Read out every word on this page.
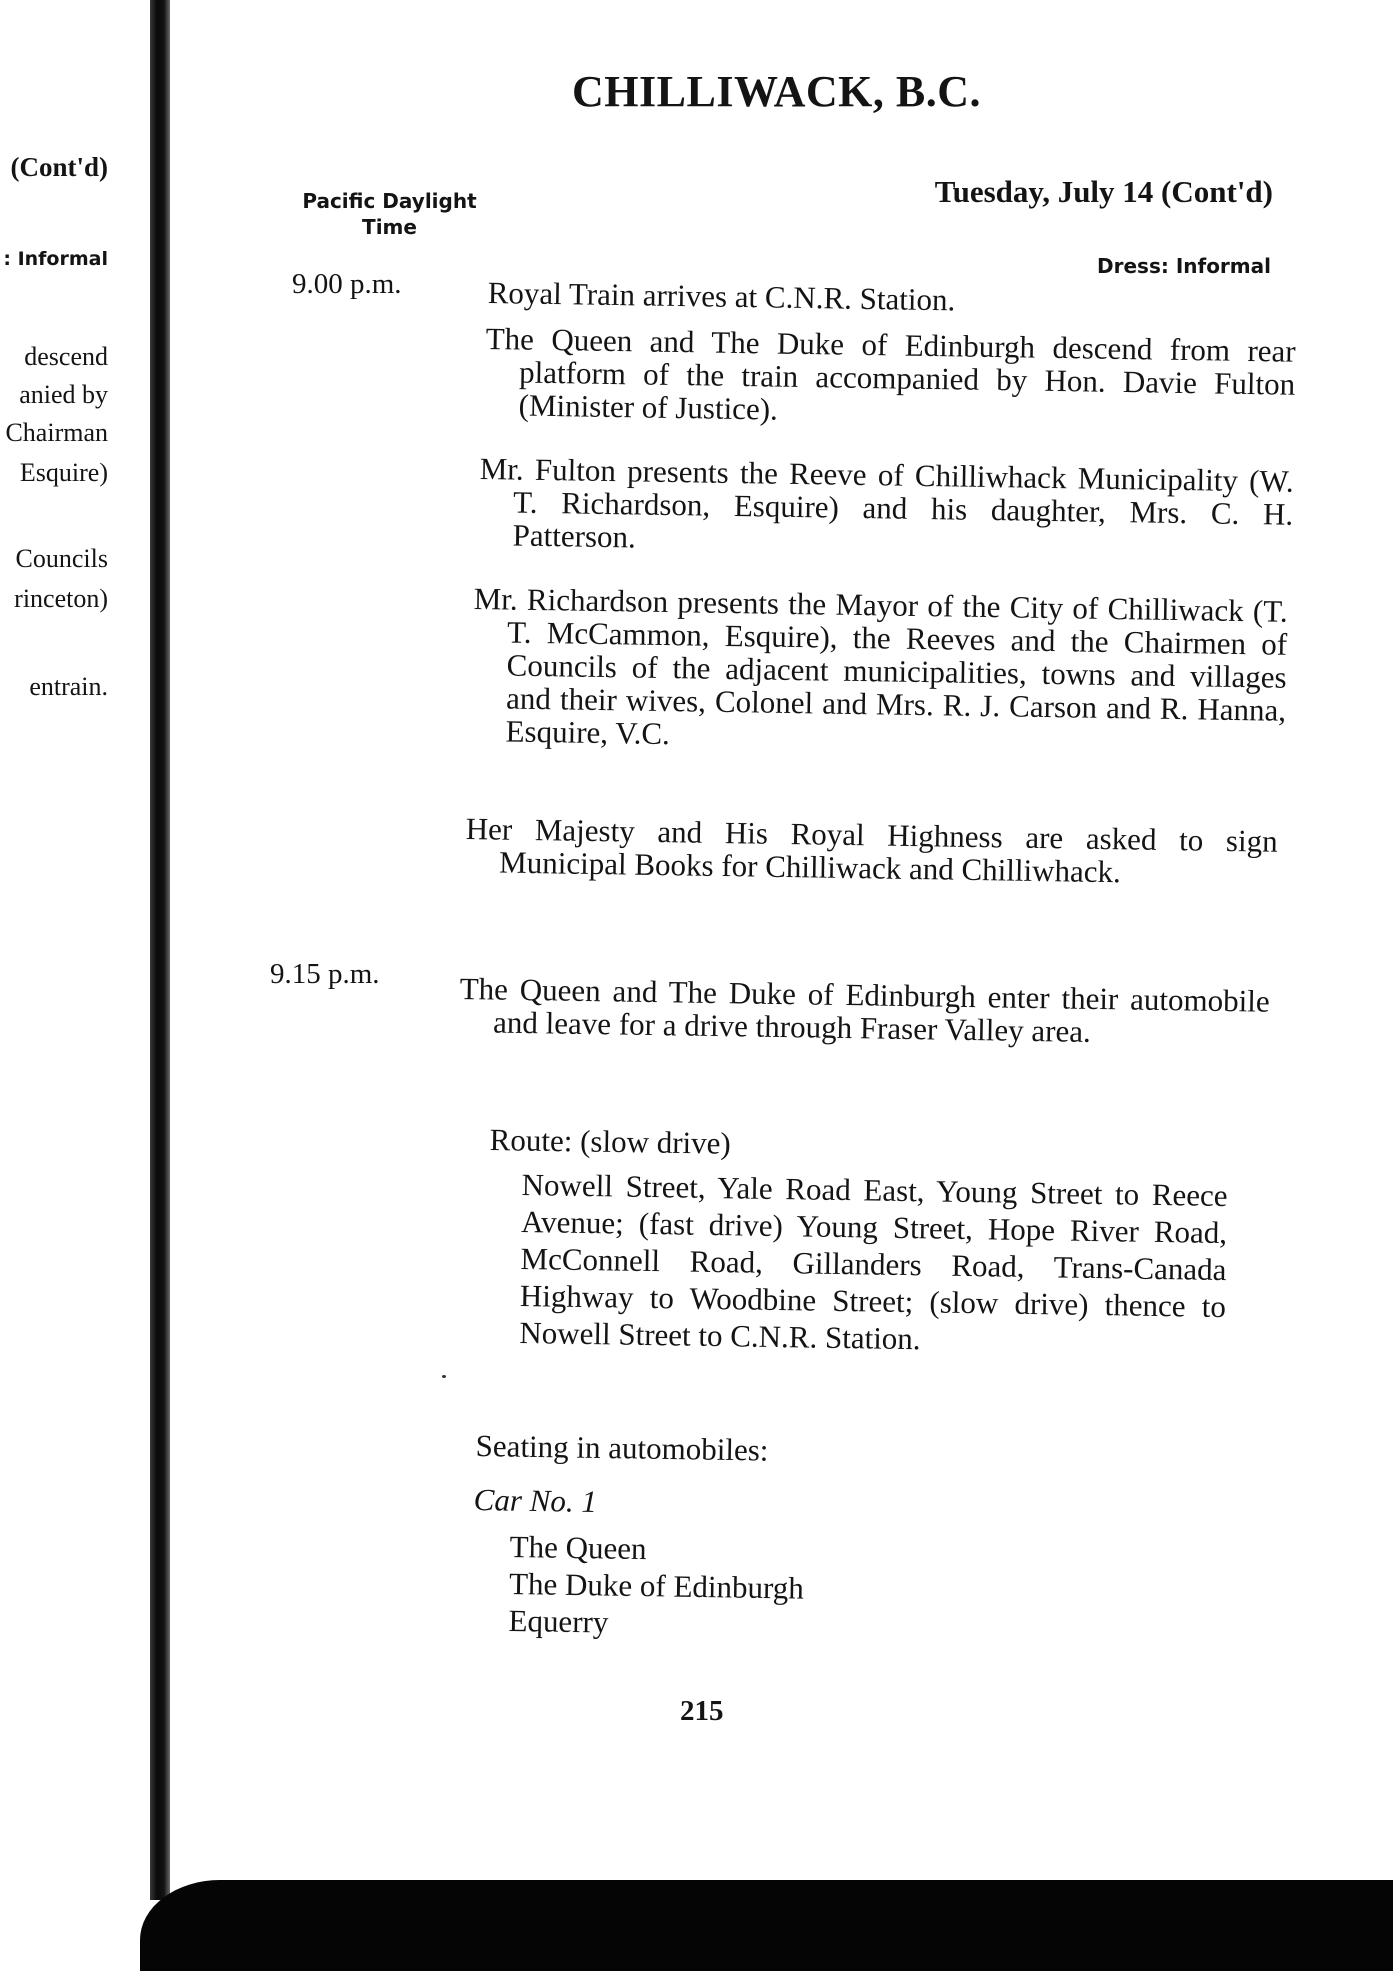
(Cont'd)
: Informal
descend
anied by
Chairman
Esquire)
Councils
rinceton)
entrain.
CHILLIWACK, B.C.
Pacific Daylight
Time
Tuesday, July 14 (Cont'd)
Dress: Informal
9.00 p.m.	Royal Train arrives at C.N.R. Station.
The Queen and The Duke of Edinburgh descend from rear platform of the train accompanied by Hon. Davie Fulton (Minister of Justice).
Mr. Fulton presents the Reeve of Chilliwhack Municipality (W. T. Richardson, Esquire) and his daughter, Mrs. C. H. Patterson.
Mr. Richardson presents the Mayor of the City of Chilliwack (T. T. McCammon, Esquire), the Reeves and the Chairmen of Councils of the adjacent municipalities, towns and villages and their wives, Colonel and Mrs. R. J. Carson and R. Hanna, Esquire, V.C.
Her Majesty and His Royal Highness are asked to sign Municipal Books for Chilliwack and Chilliwhack.
9.15 p.m.	The Queen and The Duke of Edinburgh enter their automobile and leave for a drive through Fraser Valley area.
Route: (slow drive)
Nowell Street, Yale Road East, Young Street to Reece Avenue; (fast drive) Young Street, Hope River Road, McConnell Road, Gillanders Road, Trans-Canada Highway to Woodbine Street; (slow drive) thence to Nowell Street to C.N.R. Station.
Seating in automobiles:
Car No. 1
The Queen
The Duke of Edinburgh
Equerry
215
